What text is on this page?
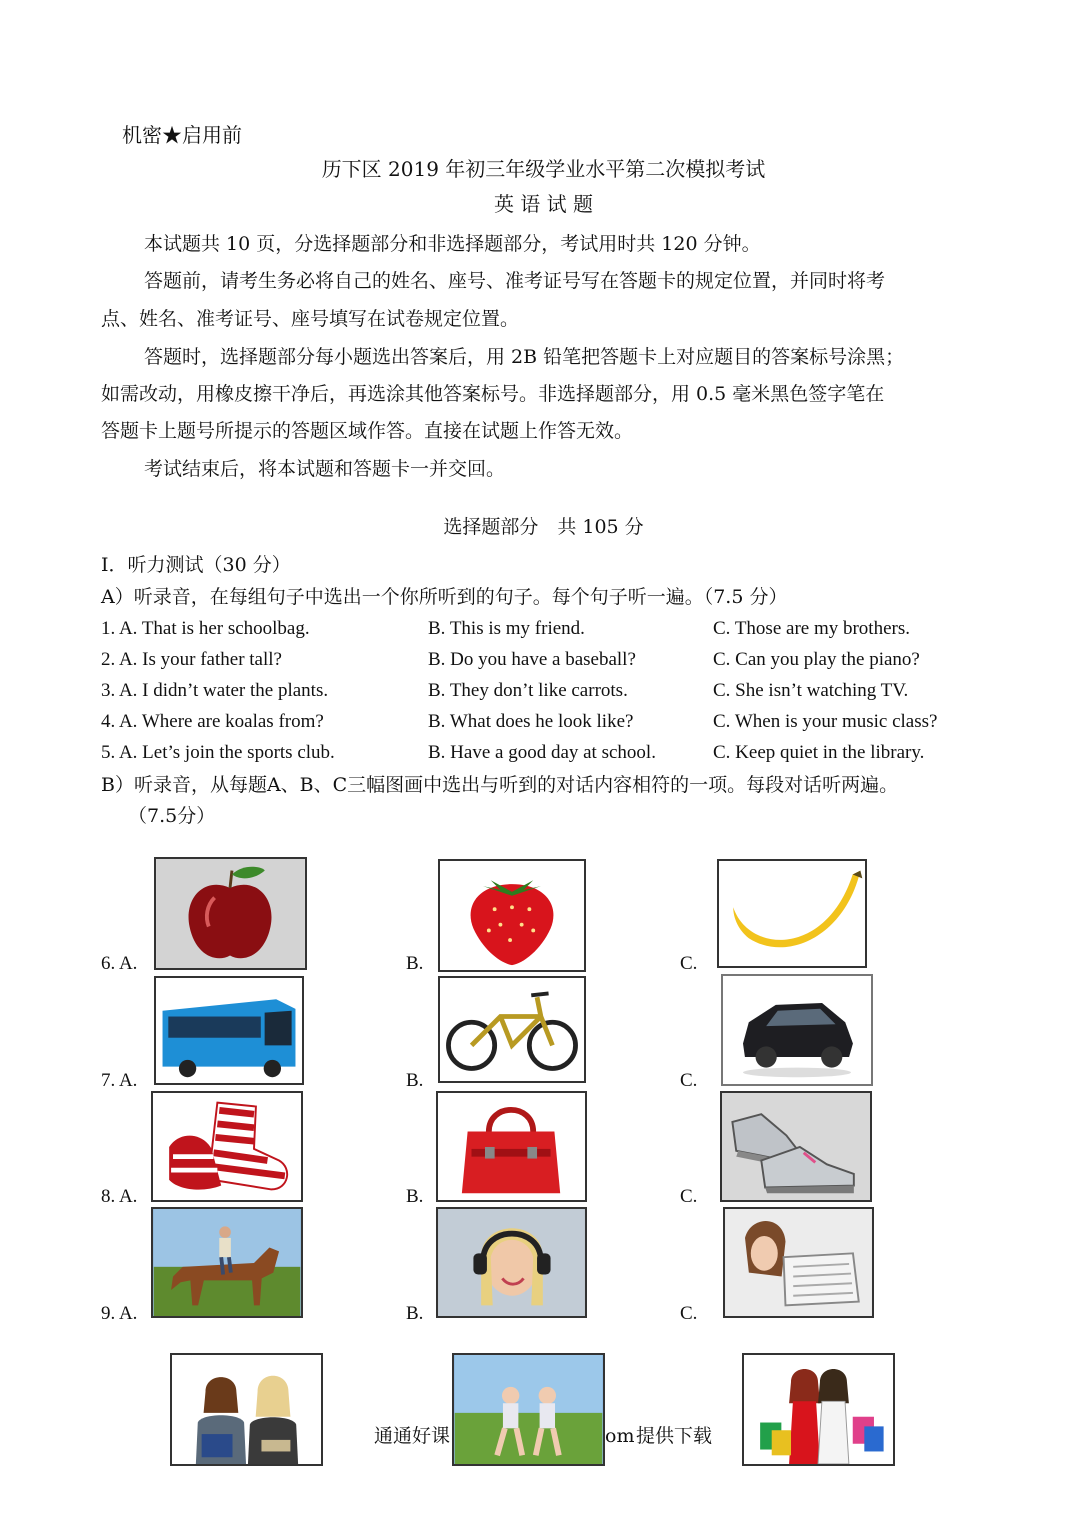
机密★启用前
历下区 2019 年初三年级学业水平第二次模拟考试
英 语 试 题
本试题共 10 页，分选择题部分和非选择题部分，考试用时共 120 分钟。
答题前，请考生务必将自己的姓名、座号、准考证号写在答题卡的规定位置，并同时将考
点、姓名、准考证号、座号填写在试卷规定位置。
答题时，选择题部分每小题选出答案后，用 2B 铅笔把答题卡上对应题目的答案标号涂黑；
如需改动，用橡皮擦干净后，再选涂其他答案标号。非选择题部分，用 0.5 毫米黑色签字笔在
答题卡上题号所提示的答题区域作答。直接在试题上作答无效。
考试结束后，将本试题和答题卡一并交回。
选择题部分　共 105 分
I．听力测试（30 分）
A）听录音，在每组句子中选出一个你所听到的句子。每个句子听一遍。（7.5 分）
1. A. That is her schoolbag.	B. This is my friend.	C. Those are my brothers.
2. A. Is your father tall?	B. Do you have a baseball?	C. Can you play the piano?
3. A. I didn’t water the plants.	B. They don’t like carrots.	C. She isn’t watching TV.
4. A. Where are koalas from?	B. What does he look like?	C. When is your music class?
5. A. Let’s join the sports club.	B. Have a good day at school.	C. Keep quiet in the library.
B）听录音，从每题A、B、C三幅图画中选出与听到的对话内容相符的一项。每段对话听两遍。
（7.5分）
6. A.	B.	C.
7. A.	B.	C.
8. A.	B.	C.
9. A.	B.	C.
通通好课	om 提供下载
